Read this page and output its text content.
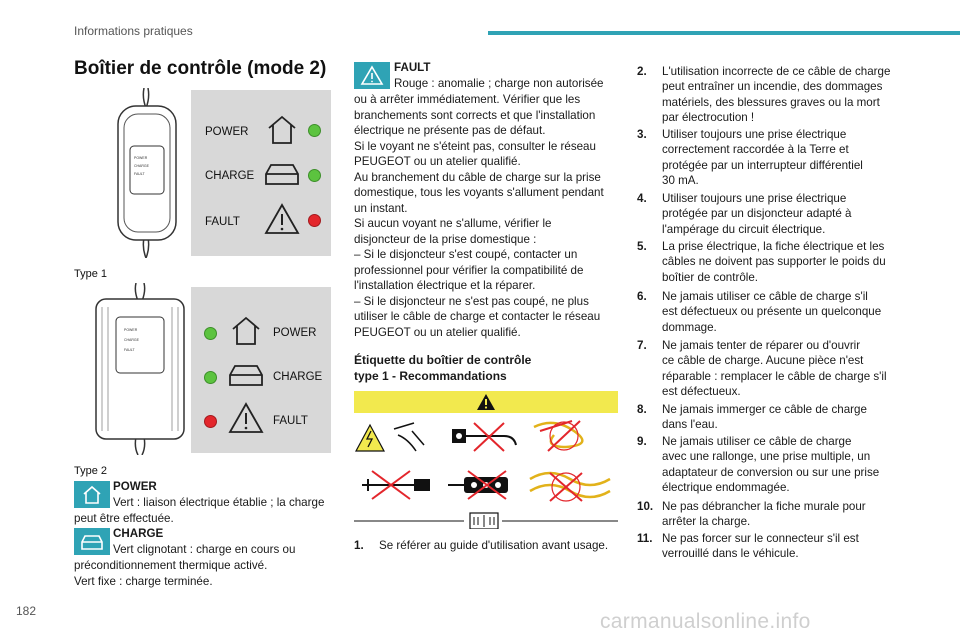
Informations pratiques
Boîtier de contrôle (mode 2)
POWER
CHARGE
FAULT
POWER
CHARGE
FAULT
Type 1
POWER
CHARGE
FAULT
POWER
CHARGE
FAULT
Type 2
POWER
Vert : liaison électrique établie ; la charge
peut être effectuée.
CHARGE
Vert clignotant : charge en cours ou
préconditionnement thermique activé.
Vert fixe : charge terminée.
FAULT
Rouge : anomalie ; charge non autorisée
ou à arrêter immédiatement. Vérifier que les
branchements sont corrects et que l'installation
électrique ne présente pas de défaut.
Si le voyant ne s'éteint pas, consulter le réseau
PEUGEOT ou un atelier qualifié.
Au branchement du câble de charge sur la prise
domestique, tous les voyants s'allument pendant
un instant.
Si aucun voyant ne s'allume, vérifier le
disjoncteur de la prise domestique :
– Si le disjoncteur s'est coupé, contacter un
professionnel pour vérifier la compatibilité de
l'installation électrique et la réparer.
– Si le disjoncteur ne s'est pas coupé, ne plus
utiliser le câble de charge et contacter le réseau
PEUGEOT ou un atelier qualifié.
Étiquette du boîtier de contrôle
type 1 - Recommandations
1. Se référer au guide d'utilisation avant usage.
2. L'utilisation incorrecte de ce câble de charge
peut entraîner un incendie, des dommages
matériels, des blessures graves ou la mort
par électrocution !
3. Utiliser toujours une prise électrique
correctement raccordée à la Terre et
protégée par un interrupteur différentiel
30 mA.
4. Utiliser toujours une prise électrique
protégée par un disjoncteur adapté à
l'ampérage du circuit électrique.
5. La prise électrique, la fiche électrique et les
câbles ne doivent pas supporter le poids du
boîtier de contrôle.
6. Ne jamais utiliser ce câble de charge s'il
est défectueux ou présente un quelconque
dommage.
7. Ne jamais tenter de réparer ou d'ouvrir
ce câble de charge. Aucune pièce n'est
réparable : remplacer le câble de charge s'il
est défectueux.
8. Ne jamais immerger ce câble de charge
dans l'eau.
9. Ne jamais utiliser ce câble de charge
avec une rallonge, une prise multiple, un
adaptateur de conversion ou sur une prise
électrique endommagée.
10. Ne pas débrancher la fiche murale pour
arrêter la charge.
11. Ne pas forcer sur le connecteur s'il est
verrouillé dans le véhicule.
182	carmanualsonline.info
